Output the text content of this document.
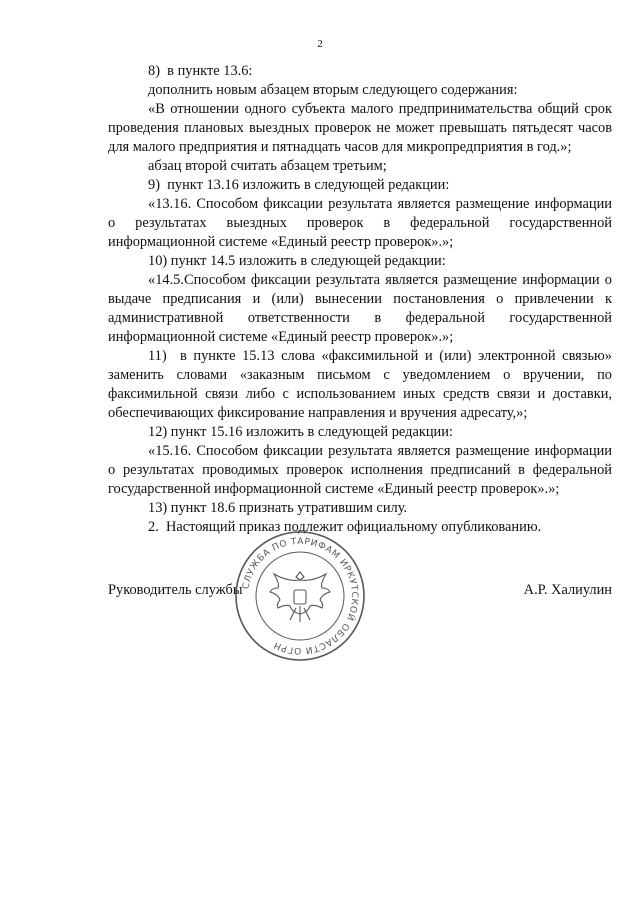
2

8)  в пункте 13.6:

дополнить новым абзацем вторым следующего содержания:

«В отношении одного субъекта малого предпринимательства общий срок проведения плановых выездных проверок не может превышать пятьдесят часов для малого предприятия и пятнадцать часов для микропредприятия в год.»;

абзац второй считать абзацем третьим;

9)  пункт 13.16 изложить в следующей редакции:

«13.16. Способом фиксации результата является размещение информации о результатах выездных проверок в федеральной государственной информационной системе «Единый реестр проверок».»;

10) пункт 14.5 изложить в следующей редакции:

«14.5.Способом фиксации результата является размещение информации о выдаче предписания и (или) вынесении постановления о привлечении к административной ответственности в федеральной государственной информационной системе «Единый реестр проверок».»;

11)  в пункте 15.13 слова «факсимильной и (или) электронной связью» заменить словами «заказным письмом с уведомлением о вручении, по факсимильной связи либо с использованием иных средств связи и доставки, обеспечивающих фиксирование направления и вручения адресату,»;

12) пункт 15.16 изложить в следующей редакции:

«15.16. Способом фиксации результата является размещение информации о результатах проводимых проверок исполнения предписаний в федеральной государственной информационной системе «Единый реестр проверок».»;

13) пункт 18.6 признать утратившим силу.

2.  Настоящий приказ подлежит официальному опубликованию.

Руководитель службы	А.Р. Халиулин
СЛУЖБА ПО ТАРИФАМ ИРКУТСКОЙ ОБЛАСТИ ОГРН
